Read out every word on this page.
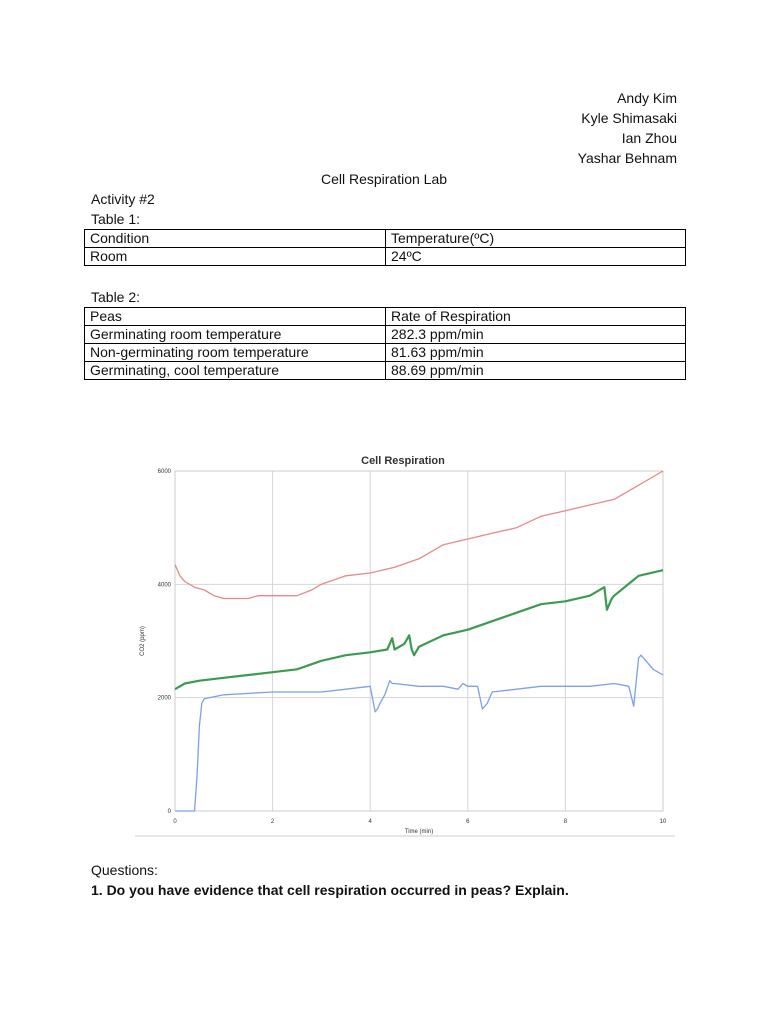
Andy Kim
Kyle Shimasaki
Ian Zhou
Yashar Behnam
Cell Respiration Lab
Activity #2
Table 1:
Condition	Temperature(ºC)
Room	24ºC
Table 2:
Peas	Rate of Respiration
Germinating room temperature	282.3 ppm/min
Non-germinating room temperature	81.63 ppm/min
Germinating, cool temperature	88.69 ppm/min
Cell Respiration
0	2	4	6	8	10
0
2000
4000
6000
Time (min)
CO2 (ppm)
Questions:
1. Do you have evidence that cell respiration occurred in peas? Explain.
